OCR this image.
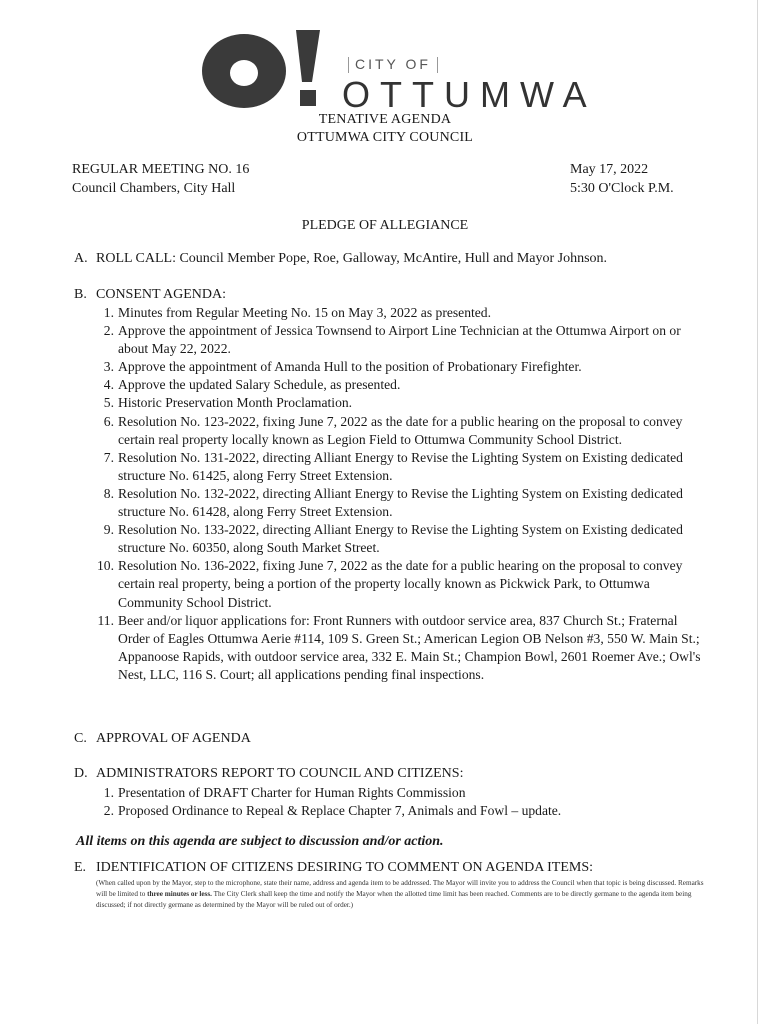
CITY OF
OTTUMWA
TENATIVE AGENDA
OTTUMWA CITY COUNCIL
REGULAR MEETING NO. 16
Council Chambers, City Hall
May 17, 2022
5:30 O'Clock P.M.
PLEDGE OF ALLEGIANCE
A. ROLL CALL: Council Member Pope, Roe, Galloway, McAntire, Hull and Mayor Johnson.
B. CONSENT AGENDA:
1. Minutes from Regular Meeting No. 15 on May 3, 2022 as presented.
2. Approve the appointment of Jessica Townsend to Airport Line Technician at the Ottumwa Airport on or about May 22, 2022.
3. Approve the appointment of Amanda Hull to the position of Probationary Firefighter.
4. Approve the updated Salary Schedule, as presented.
5. Historic Preservation Month Proclamation.
6. Resolution No. 123-2022, fixing June 7, 2022 as the date for a public hearing on the proposal to convey certain real property locally known as Legion Field to Ottumwa Community School District.
7. Resolution No. 131-2022, directing Alliant Energy to Revise the Lighting System on Existing dedicated structure No. 61425, along Ferry Street Extension.
8. Resolution No. 132-2022, directing Alliant Energy to Revise the Lighting System on Existing dedicated structure No. 61428, along Ferry Street Extension.
9. Resolution No. 133-2022, directing Alliant Energy to Revise the Lighting System on Existing dedicated structure No. 60350, along South Market Street.
10. Resolution No. 136-2022, fixing June 7, 2022 as the date for a public hearing on the proposal to convey certain real property, being a portion of the property locally known as Pickwick Park, to Ottumwa Community School District.
11. Beer and/or liquor applications for: Front Runners with outdoor service area, 837 Church St.; Fraternal Order of Eagles Ottumwa Aerie #114, 109 S. Green St.; American Legion OB Nelson #3, 550 W. Main St.; Appanoose Rapids, with outdoor service area, 332 E. Main St.; Champion Bowl, 2601 Roemer Ave.; Owl's Nest, LLC, 116 S. Court; all applications pending final inspections.
C. APPROVAL OF AGENDA
D. ADMINISTRATORS REPORT TO COUNCIL AND CITIZENS:
1. Presentation of DRAFT Charter for Human Rights Commission
2. Proposed Ordinance to Repeal & Replace Chapter 7, Animals and Fowl – update.
All items on this agenda are subject to discussion and/or action.
E. IDENTIFICATION OF CITIZENS DESIRING TO COMMENT ON AGENDA ITEMS:
(When called upon by the Mayor, step to the microphone, state their name, address and agenda item to be addressed. The Mayor will invite you to address the Council when that topic is being discussed. Remarks will be limited to three minutes or less. The City Clerk shall keep the time and notify the Mayor when the allotted time limit has been reached. Comments are to be directly germane to the agenda item being discussed; if not directly germane as determined by the Mayor will be ruled out of order.)
